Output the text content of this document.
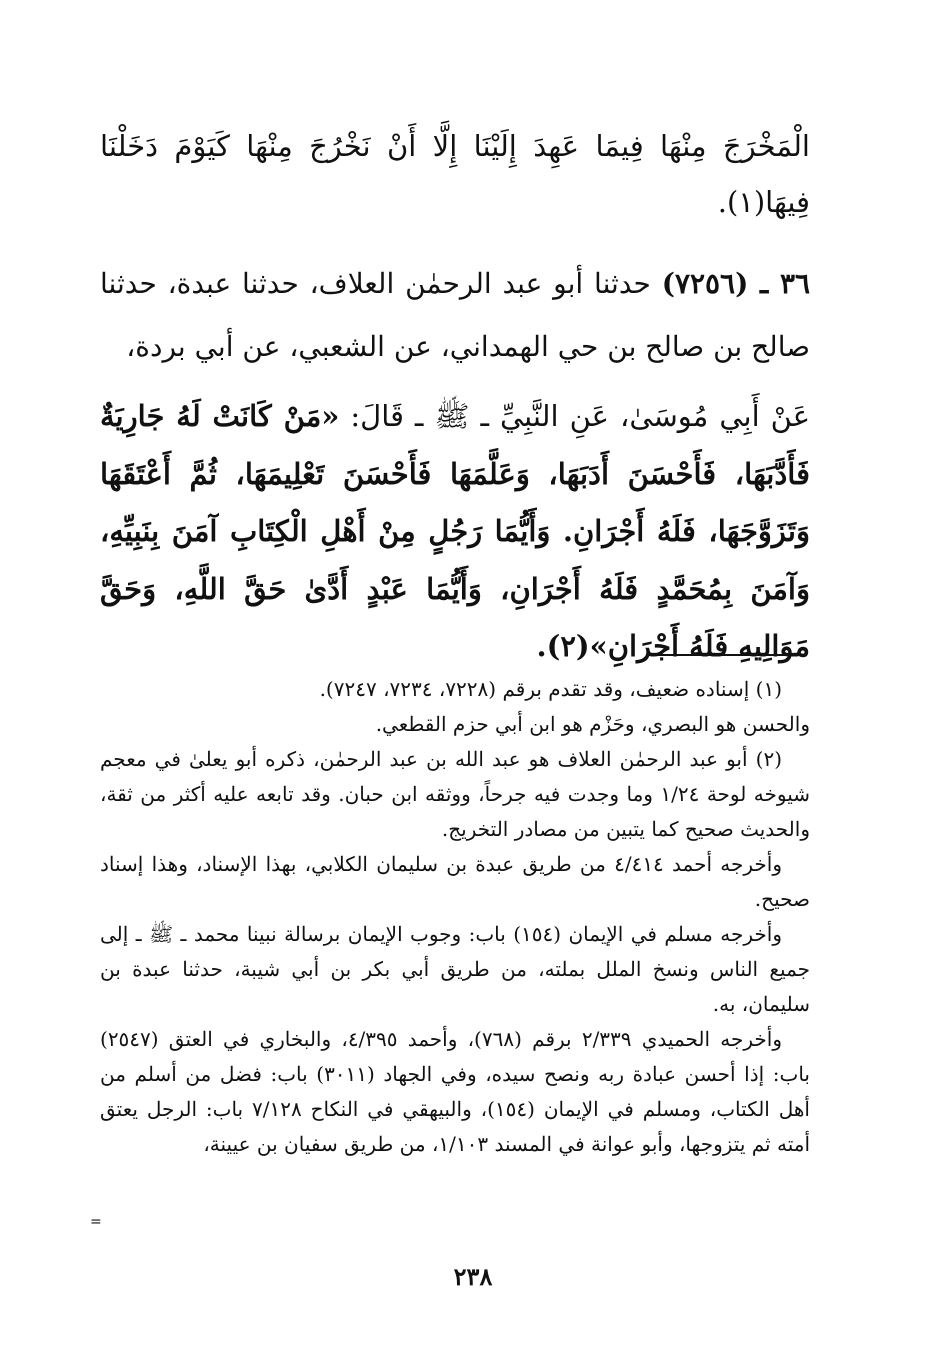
الْمَخْرَجَ مِنْهَا فِيمَا عَهِدَ إِلَيْنَا إِلَّا أَنْ نَخْرُجَ مِنْهَا كَيَوْمَ دَخَلْنَا فِيهَا(١).

٣٦ ـ (٧٢٥٦) حدثنا أبو عبد الرحمٰن العلاف، حدثنا عبدة، حدثنا صالح بن صالح بن حي الهمداني، عن الشعبي، عن أبي بردة،

عَنْ أَبِي مُوسَىٰ، عَنِ النَّبِيِّ ـ ﷺ ـ قَالَ: «مَنْ كَانَتْ لَهُ جَارِيَةٌ فَأَدَّبَهَا، فَأَحْسَنَ أَدَبَهَا، وَعَلَّمَهَا فَأَحْسَنَ تَعْلِيمَهَا، ثُمَّ أَعْتَقَهَا وَتَزَوَّجَهَا، فَلَهُ أَجْرَانِ. وَأَيُّمَا رَجُلٍ مِنْ أَهْلِ الْكِتَابِ آمَنَ بِنَبِيِّهِ، وَآمَنَ بِمُحَمَّدٍ فَلَهُ أَجْرَانِ، وَأَيُّمَا عَبْدٍ أَدَّىٰ حَقَّ اللَّهِ، وَحَقَّ مَوَالِيهِ فَلَهُ أَجْرَانِ»(٢).

(١) إسناده ضعيف، وقد تقدم برقم (٧٢٢٨، ٧٢٣٤، ٧٢٤٧).

والحسن هو البصري، وحَزْم هو ابن أبي حزم القطعي.

(٢) أبو عبد الرحمٰن العلاف هو عبد الله بن عبد الرحمٰن، ذكره أبو يعلىٰ في معجم شيوخه لوحة ١/٢٤ وما وجدت فيه جرحاً، ووثقه ابن حبان. وقد تابعه عليه أكثر من ثقة، والحديث صحيح كما يتبين من مصادر التخريج.

وأخرجه أحمد ٤/٤١٤ من طريق عبدة بن سليمان الكلابي، بهذا الإسناد، وهذا إسناد صحيح.

وأخرجه مسلم في الإيمان (١٥٤) باب: وجوب الإيمان برسالة نبينا محمد ـ ﷺ ـ إلى جميع الناس ونسخ الملل بملته، من طريق أبي بكر بن أبي شيبة، حدثنا عبدة بن سليمان، به.

وأخرجه الحميدي ٢/٣٣٩ برقم (٧٦٨)، وأحمد ٤/٣٩٥، والبخاري في العتق (٢٥٤٧) باب: إذا أحسن عبادة ربه ونصح سيده، وفي الجهاد (٣٠١١) باب: فضل من أسلم من أهل الكتاب، ومسلم في الإيمان (١٥٤)، والبيهقي في النكاح ٧/١٢٨ باب: الرجل يعتق أمته ثم يتزوجها، وأبو عوانة في المسند ١/١٠٣، من طريق سفيان بن عيينة،

=
٢٣٨
